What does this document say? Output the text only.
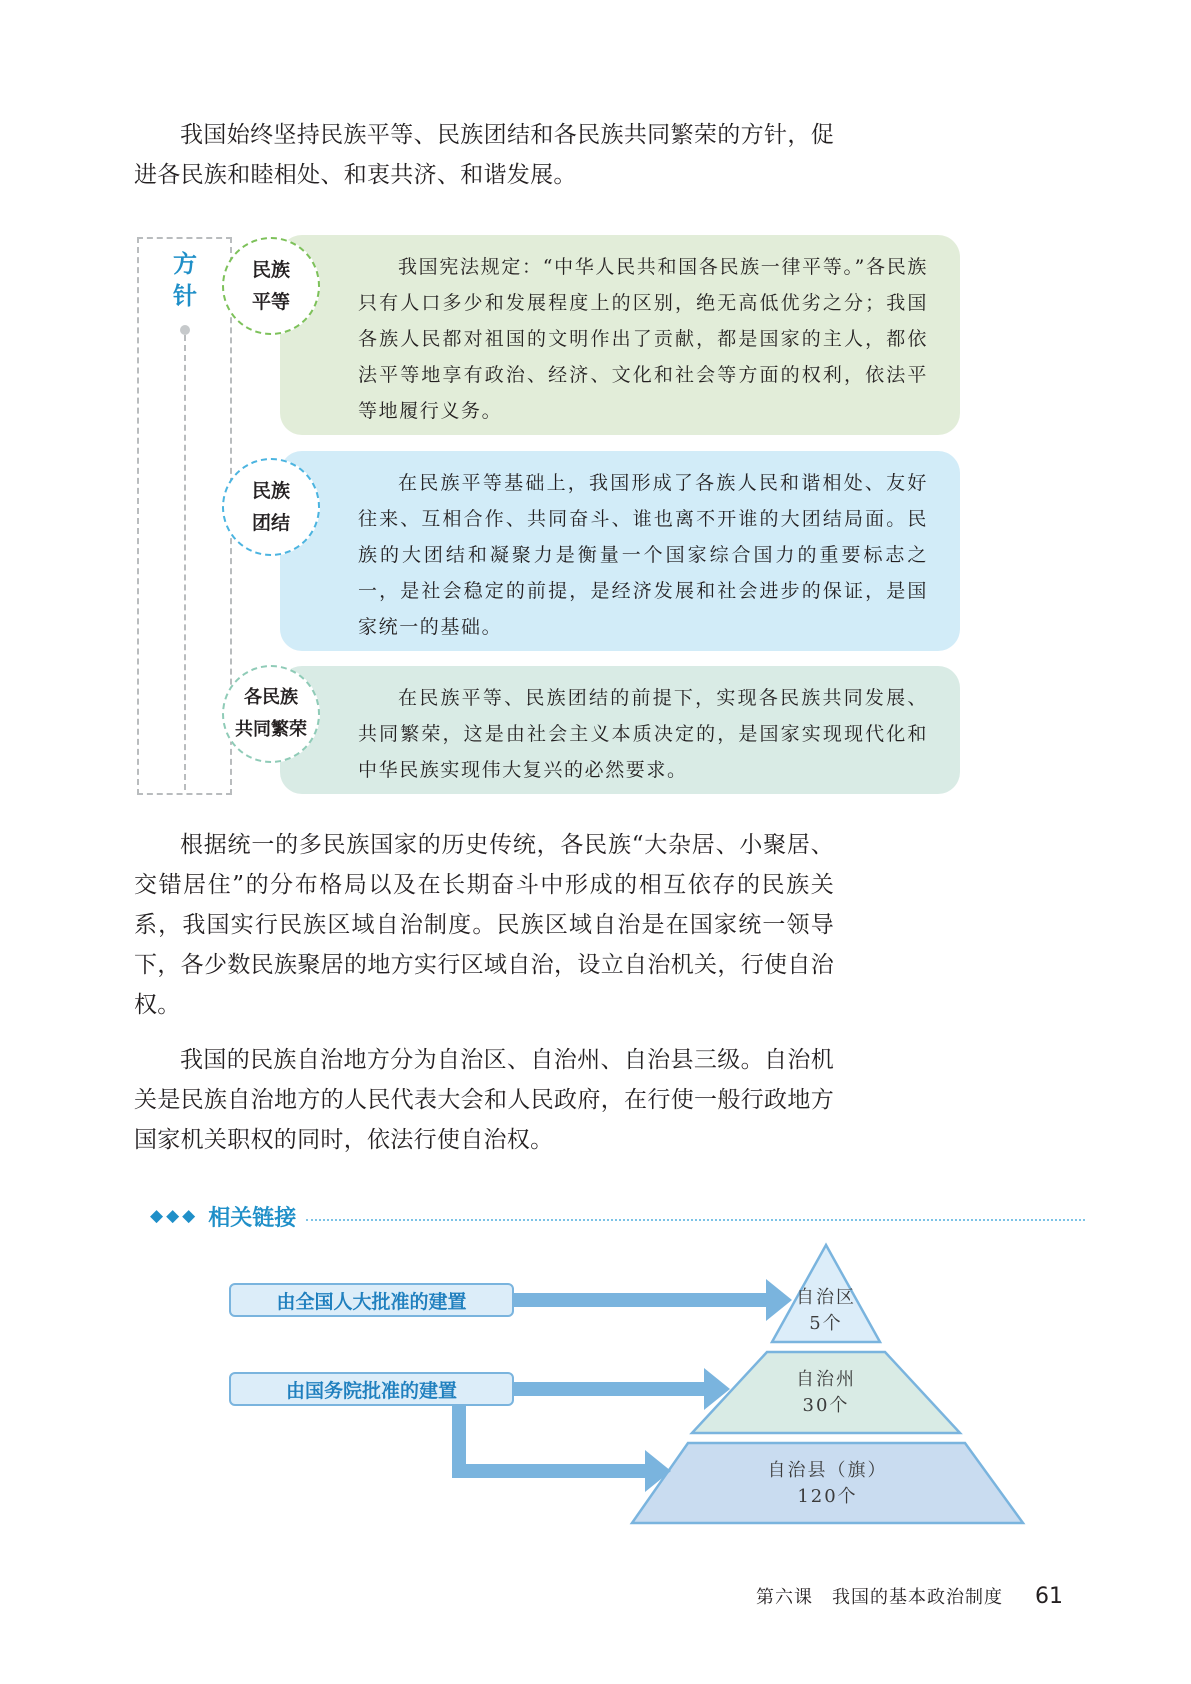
我国始终坚持民族平等、民族团结和各民族共同繁荣的方针，促进各民族和睦相处、和衷共济、和谐发展。

方
针

我国宪法规定：“中华人民共和国各民族一律平等。”各民族只有人口多少和发展程度上的区别，绝无高低优劣之分；我国各族人民都对祖国的文明作出了贡献，都是国家的主人，都依法平等地享有政治、经济、文化和社会等方面的权利，依法平等地履行义务。

在民族平等基础上，我国形成了各族人民和谐相处、友好往来、互相合作、共同奋斗、谁也离不开谁的大团结局面。民族的大团结和凝聚力是衡量一个国家综合国力的重要标志之一，是社会稳定的前提，是经济发展和社会进步的保证，是国家统一的基础。

在民族平等、民族团结的前提下，实现各民族共同发展、共同繁荣，这是由社会主义本质决定的，是国家实现现代化和中华民族实现伟大复兴的必然要求。

民族
平等
民族
团结
各民族
共同繁荣

根据统一的多民族国家的历史传统，各民族“大杂居、小聚居、交错居住”的分布格局以及在长期奋斗中形成的相互依存的民族关系，我国实行民族区域自治制度。民族区域自治是在国家统一领导下，各少数民族聚居的地方实行区域自治，设立自治机关，行使自治权。

我国的民族自治地方分为自治区、自治州、自治县三级。自治机关是民族自治地方的人民代表大会和人民政府，在行使一般行政地方国家机关职权的同时，依法行使自治权。

◆◆◆ 相关链接
由全国人大批准的建置
由国务院批准的建置
自治区
5个
自治州
30个
自治县（旗）
120个
第六课　我国的基本政治制度 61
